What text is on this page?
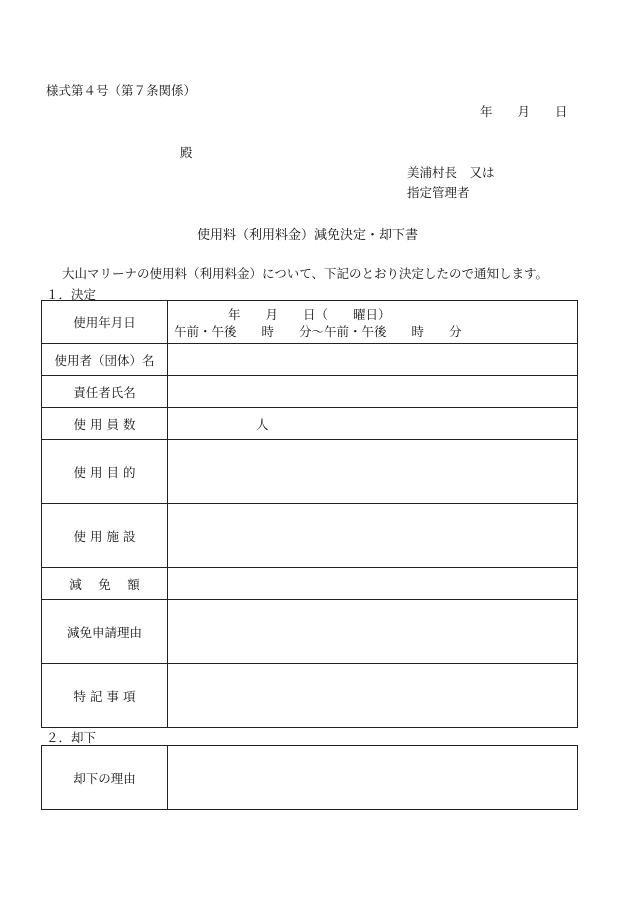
様式第４号（第７条関係）
年　　月　　日
殿
美浦村長　又は
指定管理者
使用料（利用料金）減免決定・却下書
大山マリーナの使用料（利用料金）について、下記のとおり決定したので通知します。
１．決定
使用年月日	年　　月　　日（　　曜日）
午前・午後　　時　　分～午前・午後　　時　　分

使用者（団体）名	
責任者氏名	
使 用 員 数	人
使 用 目 的	
使 用 施 設	
減　 免　 額	
減免申請理由	
特 記 事 項	
２．却下
却下の理由	
